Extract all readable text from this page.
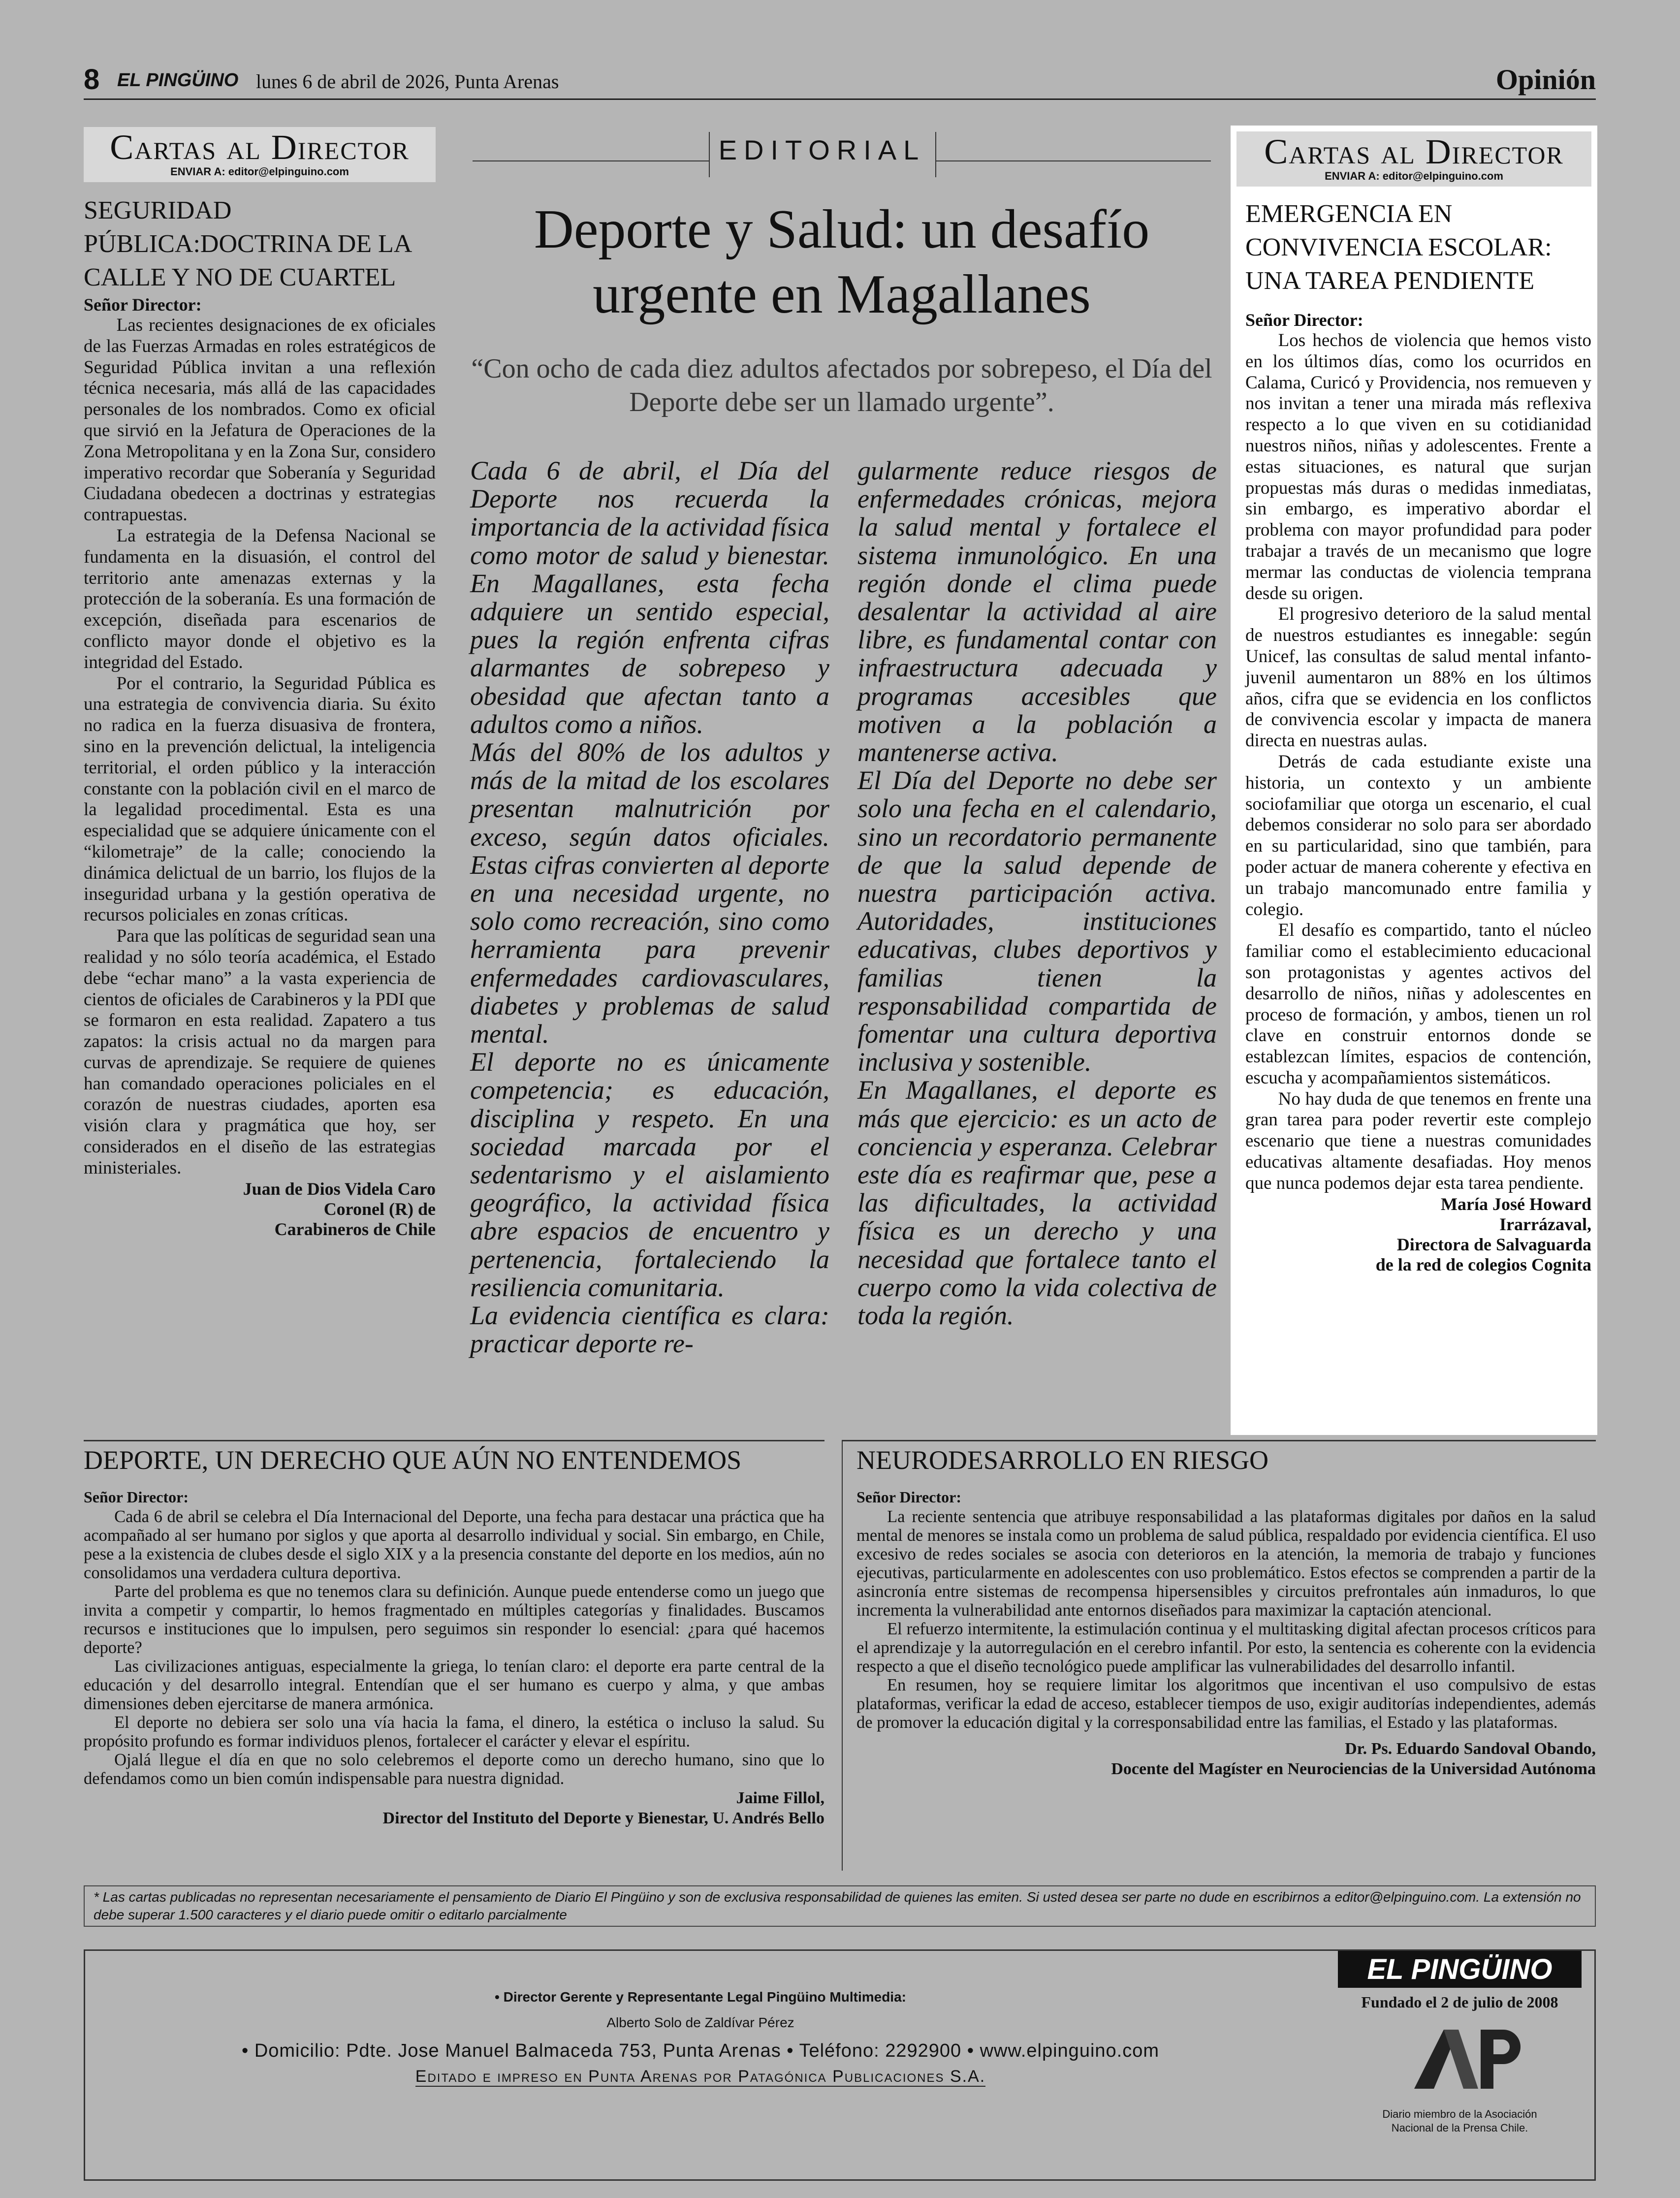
8 EL PINGÜINO lunes 6 de abril de 2026, Punta Arenas	Opinión
Cartas al Director
ENVIAR A: editor@elpinguino.com
SEGURIDAD PÚBLICA:DOCTRINA DE LA CALLE Y NO DE CUARTEL
Señor Director:

Las recientes designaciones de ex oficiales de las Fuerzas Armadas en roles estratégicos de Seguridad Pública invitan a una reflexión técnica necesaria, más allá de las capacidades personales de los nombrados. Como ex oficial que sirvió en la Jefatura de Operaciones de la Zona Metropolitana y en la Zona Sur, considero imperativo recordar que Soberanía y Seguridad Ciudadana obedecen a doctrinas y estrategias contrapuestas.

La estrategia de la Defensa Nacional se fundamenta en la disuasión, el control del territorio ante amenazas externas y la protección de la soberanía. Es una formación de excepción, diseñada para escenarios de conflicto mayor donde el objetivo es la integridad del Estado.

Por el contrario, la Seguridad Pública es una estrategia de convivencia diaria. Su éxito no radica en la fuerza disuasiva de frontera, sino en la prevención delictual, la inteligencia territorial, el orden público y la interacción constante con la población civil en el marco de la legalidad procedimental. Esta es una especialidad que se adquiere únicamente con el “kilometraje” de la calle; conociendo la dinámica delictual de un barrio, los flujos de la inseguridad urbana y la gestión operativa de recursos policiales en zonas críticas.

Para que las políticas de seguridad sean una realidad y no sólo teoría académica, el Estado debe “echar mano” a la vasta experiencia de cientos de oficiales de Carabineros y la PDI que se formaron en esta realidad. Zapatero a tus zapatos: la crisis actual no da margen para curvas de aprendizaje. Se requiere de quienes han comandado operaciones policiales en el corazón de nuestras ciudades, aporten esa visión clara y pragmática que hoy, ser considerados en el diseño de las estrategias ministeriales.

Juan de Dios Videla Caro
Coronel (R) de
Carabineros de Chile
EDITORIAL
Deporte y Salud: un desafío urgente en Magallanes
“Con ocho de cada diez adultos afectados por sobrepeso, el Día del Deporte debe ser un llamado urgente”.

Cada 6 de abril, el Día del Deporte nos recuerda la importancia de la actividad física como motor de salud y bienestar. En Magallanes, esta fecha adquiere un sentido especial, pues la región enfrenta cifras alarmantes de sobrepeso y obesidad que afectan tanto a adultos como a niños.

Más del 80% de los adultos y más de la mitad de los escolares presentan malnutrición por exceso, según datos oficiales. Estas cifras convierten al deporte en una necesidad urgente, no solo como recreación, sino como herramienta para prevenir enfermedades cardiovasculares, diabetes y problemas de salud mental.

El deporte no es únicamente competencia; es educación, disciplina y respeto. En una sociedad marcada por el sedentarismo y el aislamiento geográfico, la actividad física abre espacios de encuentro y pertenencia, fortaleciendo la resiliencia comunitaria.

La evidencia científica es clara: practicar deporte re-

gularmente reduce riesgos de enfermedades crónicas, mejora la salud mental y fortalece el sistema inmunológico. En una región donde el clima puede desalentar la actividad al aire libre, es fundamental contar con infraestructura adecuada y programas accesibles que motiven a la población a mantenerse activa.

El Día del Deporte no debe ser solo una fecha en el calendario, sino un recordatorio permanente de que la salud depende de nuestra participación activa. Autoridades, instituciones educativas, clubes deportivos y familias tienen la responsabilidad compartida de fomentar una cultura deportiva inclusiva y sostenible.

En Magallanes, el deporte es más que ejercicio: es un acto de conciencia y esperanza. Celebrar este día es reafirmar que, pese a las dificultades, la actividad física es un derecho y una necesidad que fortalece tanto el cuerpo como la vida colectiva de toda la región.

Cartas al Director
ENVIAR A: editor@elpinguino.com
EMERGENCIA EN CONVIVENCIA ESCOLAR: UNA TAREA PENDIENTE
Señor Director:

Los hechos de violencia que hemos visto en los últimos días, como los ocurridos en Calama, Curicó y Providencia, nos remueven y nos invitan a tener una mirada más reflexiva respecto a lo que viven en su cotidianidad nuestros niños, niñas y adolescentes. Frente a estas situaciones, es natural que surjan propuestas más duras o medidas inmediatas, sin embargo, es imperativo abordar el problema con mayor profundidad para poder trabajar a través de un mecanismo que logre mermar las conductas de violencia temprana desde su origen.

El progresivo deterioro de la salud mental de nuestros estudiantes es innegable: según Unicef, las consultas de salud mental infanto-juvenil aumentaron un 88% en los últimos años, cifra que se evidencia en los conflictos de convivencia escolar y impacta de manera directa en nuestras aulas.

Detrás de cada estudiante existe una historia, un contexto y un ambiente sociofamiliar que otorga un escenario, el cual debemos considerar no solo para ser abordado en su particularidad, sino que también, para poder actuar de manera coherente y efectiva en un trabajo mancomunado entre familia y colegio.

El desafío es compartido, tanto el núcleo familiar como el establecimiento educacional son protagonistas y agentes activos del desarrollo de niños, niñas y adolescentes en proceso de formación, y ambos, tienen un rol clave en construir entornos donde se establezcan límites, espacios de contención, escucha y acompañamientos sistemáticos.

No hay duda de que tenemos en frente una gran tarea para poder revertir este complejo escenario que tiene a nuestras comunidades educativas altamente desafiadas. Hoy menos que nunca podemos dejar esta tarea pendiente.

María José Howard
Irarrázaval,
Directora de Salvaguarda
de la red de colegios Cognita
DEPORTE, UN DERECHO QUE AÚN NO ENTENDEMOS
Señor Director:

Cada 6 de abril se celebra el Día Internacional del Deporte, una fecha para destacar una práctica que ha acompañado al ser humano por siglos y que aporta al desarrollo individual y social. Sin embargo, en Chile, pese a la existencia de clubes desde el siglo XIX y a la presencia constante del deporte en los medios, aún no consolidamos una verdadera cultura deportiva.

Parte del problema es que no tenemos clara su definición. Aunque puede entenderse como un juego que invita a competir y compartir, lo hemos fragmentado en múltiples categorías y finalidades. Buscamos recursos e instituciones que lo impulsen, pero seguimos sin responder lo esencial: ¿para qué hacemos deporte?

Las civilizaciones antiguas, especialmente la griega, lo tenían claro: el deporte era parte central de la educación y del desarrollo integral. Entendían que el ser humano es cuerpo y alma, y que ambas dimensiones deben ejercitarse de manera armónica.

El deporte no debiera ser solo una vía hacia la fama, el dinero, la estética o incluso la salud. Su propósito profundo es formar individuos plenos, fortalecer el carácter y elevar el espíritu.

Ojalá llegue el día en que no solo celebremos el deporte como un derecho humano, sino que lo defendamos como un bien común indispensable para nuestra dignidad.

Jaime Fillol,
Director del Instituto del Deporte y Bienestar, U. Andrés Bello
NEURODESARROLLO EN RIESGO
Señor Director:

La reciente sentencia que atribuye responsabilidad a las plataformas digitales por daños en la salud mental de menores se instala como un problema de salud pública, respaldado por evidencia científica. El uso excesivo de redes sociales se asocia con deterioros en la atención, la memoria de trabajo y funciones ejecutivas, particularmente en adolescentes con uso problemático. Estos efectos se comprenden a partir de la asincronía entre sistemas de recompensa hipersensibles y circuitos prefrontales aún inmaduros, lo que incrementa la vulnerabilidad ante entornos diseñados para maximizar la captación atencional.

El refuerzo intermitente, la estimulación continua y el multitasking digital afectan procesos críticos para el aprendizaje y la autorregulación en el cerebro infantil. Por esto, la sentencia es coherente con la evidencia respecto a que el diseño tecnológico puede amplificar las vulnerabilidades del desarrollo infantil.

En resumen, hoy se requiere limitar los algoritmos que incentivan el uso compulsivo de estas plataformas, verificar la edad de acceso, establecer tiempos de uso, exigir auditorías independientes, además de promover la educación digital y la corresponsabilidad entre las familias, el Estado y las plataformas.

Dr. Ps. Eduardo Sandoval Obando,
Docente del Magíster en Neurociencias de la Universidad Autónoma
* Las cartas publicadas no representan necesariamente el pensamiento de Diario El Pingüino y son de exclusiva responsabilidad de quienes las emiten. Si usted desea ser parte no dude en escribirnos a editor@elpinguino.com. La extensión no debe superar 1.500 caracteres y el diario puede omitir o editarlo parcialmente
• Director Gerente y Representante Legal Pingüino Multimedia:
Alberto Solo de Zaldívar Pérez
• Domicilio: Pdte. Jose Manuel Balmaceda 753, Punta Arenas • Teléfono: 2292900 • www.elpinguino.com
Editado e impreso en Punta Arenas por Patagónica Publicaciones S.A.
EL PINGÜINO
Fundado el 2 de julio de 2008
ANP
Diario miembro de la Asociación
Nacional de la Prensa Chile.
